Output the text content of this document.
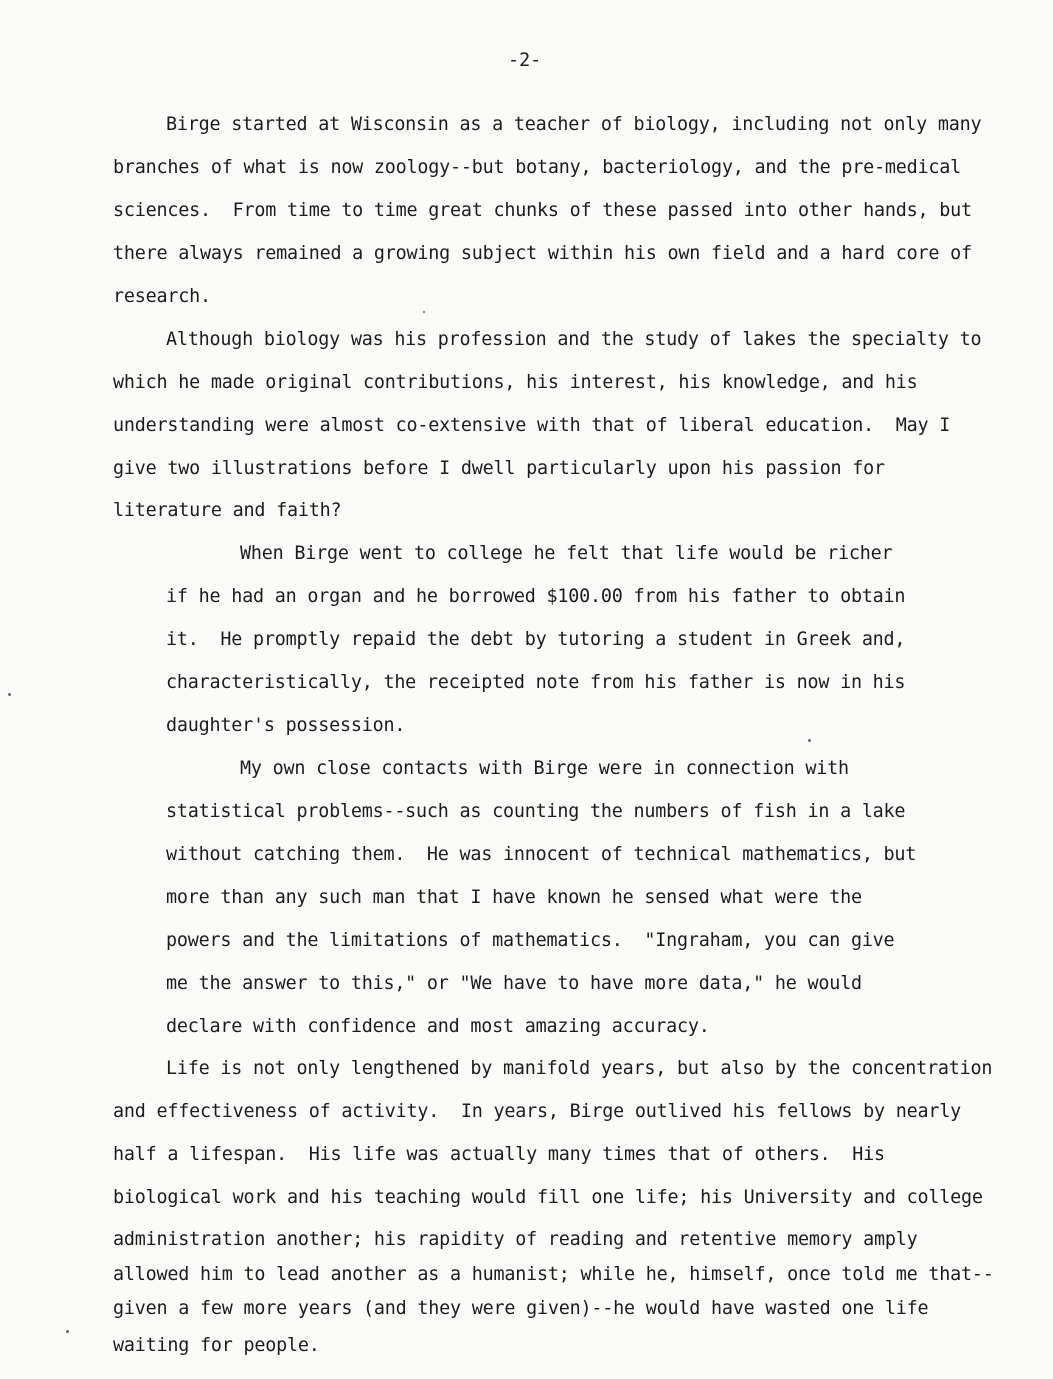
-2-
Birge started at Wisconsin as a teacher of biology, including not only many
branches of what is now zoology--but botany, bacteriology, and the pre-medical
sciences.  From time to time great chunks of these passed into other hands, but
there always remained a growing subject within his own field and a hard core of
research.
Although biology was his profession and the study of lakes the specialty to
which he made original contributions, his interest, his knowledge, and his
understanding were almost co-extensive with that of liberal education.  May I
give two illustrations before I dwell particularly upon his passion for
literature and faith?
When Birge went to college he felt that life would be richer
if he had an organ and he borrowed $100.00 from his father to obtain
it.  He promptly repaid the debt by tutoring a student in Greek and,
characteristically, the receipted note from his father is now in his
daughter's possession.
My own close contacts with Birge were in connection with
statistical problems--such as counting the numbers of fish in a lake
without catching them.  He was innocent of technical mathematics, but
more than any such man that I have known he sensed what were the
powers and the limitations of mathematics.  "Ingraham, you can give
me the answer to this," or "We have to have more data," he would
declare with confidence and most amazing accuracy.
Life is not only lengthened by manifold years, but also by the concentration
and effectiveness of activity.  In years, Birge outlived his fellows by nearly
half a lifespan.  His life was actually many times that of others.  His
biological work and his teaching would fill one life; his University and college
administration another; his rapidity of reading and retentive memory amply
allowed him to lead another as a humanist; while he, himself, once told me that--
given a few more years (and they were given)--he would have wasted one life
waiting for people.
